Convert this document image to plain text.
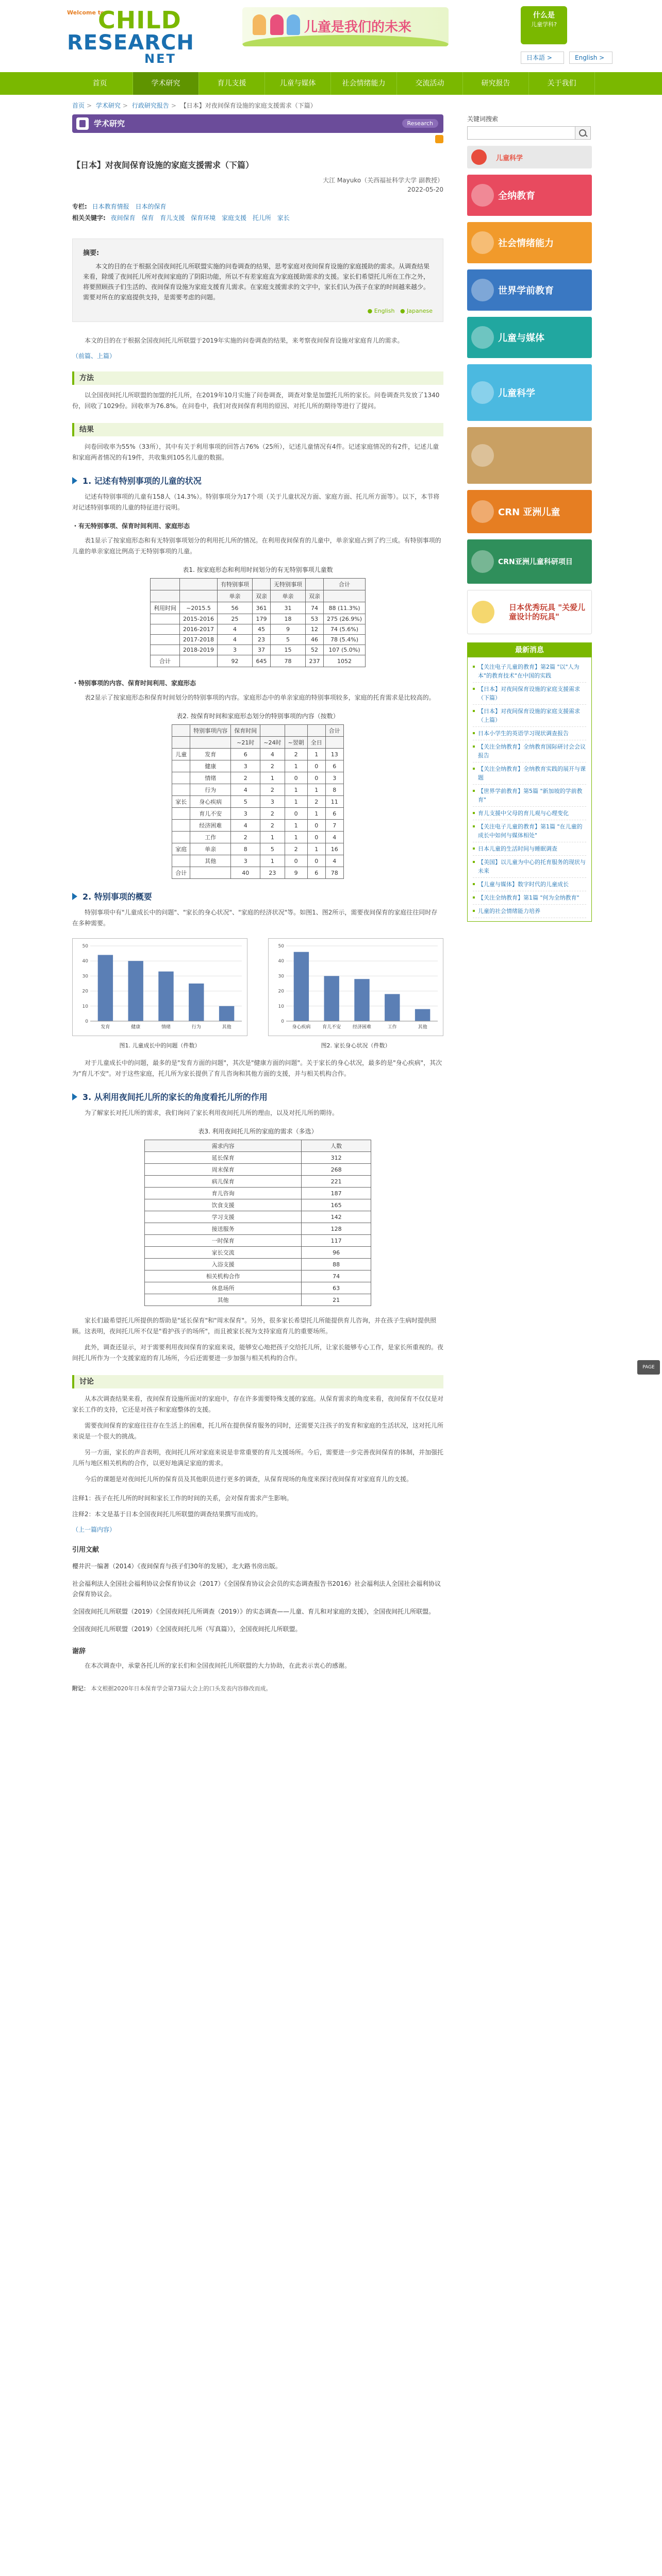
Welcome to
CHILD
RESEARCH
NET
儿童是我们的未来
什么是
儿童学科?
日本語 >	English >
首页	学术研究	育儿支援	儿童与媒体	社会情绪能力	交流活动	研究报告	关于我们
首页 > 学术研究 > 行政研究报告 > 【日本】对夜间保育设施的家庭支援需求（下篇）
学术研究	Research
【日本】对夜间保育设施的家庭支援需求（下篇）
大江 Mayuko（关西福祉科学大学 副教授）
2022-05-20
专栏: 日本教育情报 日本的保育
相关关键字: 夜间保育 保育 育儿支援 保育环境 家庭支援 托儿所 家长
摘要:

本文的目的在于根据全国夜间托儿所联盟实施的问卷调查的结果，思考家庭对夜间保育设施的家庭援助的需求。从调查结果来看，除缓了夜间托儿所对夜间家庭的了阴阳功能，所以不有差家庭直为家庭援助需求的支援。家长们希望托儿所在工作之外，将要照顾孩子们生活的、夜间保育设施为家庭支援育儿需求。在家庭支援需求的文字中，家长们认为孩子在家的时间越来越少。需要对所在的家庭提供支持，是需要考虑的问题。

● English ● Japanese

本文的目的在于根据全国夜间托儿所联盟于2019年实施的问卷调查的结果，来考察夜间保育设施对家庭育儿的需求。

（前篇、上篇）
方法

以全国夜间托儿所联盟的加盟的托儿所，在2019年10月实施了问卷调查，调查对象是加盟托儿所的家长。问卷调查共发放了1340份，回收了1029份。回收率为76.8%。在问卷中，我们对夜间保育利用的原因、对托儿所的期待等进行了提问。

结果

问卷回收率为55%（33所），其中有关于利用事项的回答占76%（25所），记述儿童情况有4件。记述家庭情况的有2件，记述儿童和家庭两者情况的有19件，共收集到105名儿童的数据。

1. 记述有特别事项的儿童的状况

记述有特别事项的儿童有158人（14.3%）。特别事项分为17个项（关于儿童状况方面、家庭方面、托儿所方面等）。以下，本节将对记述特别事项的儿童的特征进行说明。

・有无特别事项、保育时间利用、家庭形态

表1显示了按家庭形态和有无特别事项划分的利用托儿所的情况。在利用夜间保育的儿童中，单亲家庭占到了约三成。有特别事项的儿童的单亲家庭比例高于无特别事项的儿童。

表1. 按家庭形态和利用时间划分的有无特别事项儿童数
		有特别事项		无特别事项		合计
		单亲	双亲	单亲	双亲	
利用时间	~2015.5	56	361	31	74	88 (11.3%)
	2015-2016	25	179	18	53	275 (26.9%)
	2016-2017	4	45	9	12	74 (5.6%)
	2017-2018	4	23	5	46	78 (5.4%)
	2018-2019	3	37	15	52	107 (5.0%)
合计		92	645	78	237	1052
・特别事项的内容、保育时间利用、家庭形态

表2显示了按家庭形态和保育时间划分的特别事项的内容。家庭形态中的单亲家庭的特别事项较多，家庭的托育需求是比较高的。

表2. 按保育时间和家庭形态划分的特别事项的内容（按数）
	特别事项内容	保育时间				合计
		~21时	~24时	~翌朝	全日	
儿童	发育	6	4	2	1	13
	健康	3	2	1	0	6
	情绪	2	1	0	0	3
	行为	4	2	1	1	8
家长	身心疾病	5	3	1	2	11
	育儿不安	3	2	0	1	6
	经济困难	4	2	1	0	7
	工作	2	1	1	0	4
家庭	单亲	8	5	2	1	16
	其他	3	1	0	0	4
合计		40	23	9	6	78
2. 特别事项的概要

特别事项中有"儿童成长中的问题"、"家长的身心状况"、"家庭的经济状况"等。如图1、图2所示，需要夜间保育的家庭往往同时存在多种需要。

0
10
20
30
40
50
发育	健康	情绪	行为	其他
图1. 儿童成长中的问题（件数）
0
10
20
30
40
50
身心疾病	育儿不安	经济困难	工作	其他
图2. 家长身心状况（件数）

对于儿童成长中的问题，最多的是"发育方面的问题"，其次是"健康方面的问题"。关于家长的身心状况，最多的是"身心疾病"，其次为"育儿不安"。对于这些家庭，托儿所为家长提供了育儿咨询和其他方面的支援，并与相关机构合作。

3. 从利用夜间托儿所的家长的角度看托儿所的作用

为了解家长对托儿所的需求，我们询问了家长利用夜间托儿所的理由，以及对托儿所的期待。

表3. 利用夜间托儿所的家庭的需求（多选）
需求内容	人数
延长保育	312
周末保育	268
病儿保育	221
育儿咨询	187
饮食支援	165
学习支援	142
接送服务	128
一时保育	117
家长交流	96
入浴支援	88
相关机构合作	74
休息场所	63
其他	21

家长们最希望托儿所提供的帮助是"延长保育"和"周末保育"。另外，很多家长希望托儿所能提供育儿咨询，并在孩子生病时提供照顾。这表明，夜间托儿所不仅是"看护孩子的场所"，而且被家长视为支持家庭育儿的重要场所。

此外，调查还显示，对于需要利用夜间保育的家庭来说，能够安心地把孩子交给托儿所，让家长能够专心工作，是家长所重视的。夜间托儿所作为一个支援家庭的育儿场所，今后还需要进一步加强与相关机构的合作。

讨论

从本次调查结果来看，夜间保育设施所面对的家庭中，存在许多需要特殊支援的家庭。从保育需求的角度来看，夜间保育不仅仅是对家长工作的支持，它还是对孩子和家庭整体的支援。

需要夜间保育的家庭往往存在生活上的困难，托儿所在提供保育服务的同时，还需要关注孩子的发育和家庭的生活状况，这对托儿所来说是一个很大的挑战。

另一方面，家长的声音表明，夜间托儿所对家庭来说是非常重要的育儿支援场所。今后，需要进一步完善夜间保育的体制，并加强托儿所与地区相关机构的合作，以更好地满足家庭的需求。

今后的课题是对夜间托儿所的保育员及其他职员进行更多的调查，从保育现场的角度来探讨夜间保育对家庭育儿的支援。

注释1：孩子在托儿所的时间和家长工作的时间的关系，会对保育需求产生影响。

注释2：本文是基于日本全国夜间托儿所联盟的调查结果撰写而成的。

（上一篇内容）
引用文献

櫻井沢一编著（2014）《夜间保育与孩子们30年的发展》，北大路书房出版。

社会福利法人全国社会福利协议会保育协议会（2017）《全国保育协议会会员的实态调查报告书2016》社会福利法人全国社会福利协议会保育协议会。

全国夜间托儿所联盟（2019）《全国夜间托儿所调查（2019）》的实态调查——儿童、育儿和对家庭的支援》，全国夜间托儿所联盟。

全国夜间托儿所联盟（2019）《全国夜间托儿所（写真篇）》，全国夜间托儿所联盟。

谢辞

在本次调查中，承蒙各托儿所的家长们和全国夜间托儿所联盟的大力协助，在此表示衷心的感谢。

附记： 本文根据2020年日本保育学会第73届大会上的口头发表内容修改而成。
关键词搜索
儿童科学
全纳教育
社会情绪能力
世界学前教育
儿童与媒体
儿童科学
CRN 亚洲儿童
CRN亚洲儿童科研项目
日本优秀玩具 "关爱儿童设计的玩具"
最新消息
【关注电子儿童的教育】第2篇 "以"人为本"的教育技术"在中国的实践
【日本】对夜间保育设施的家庭支援需求（下篇）
【日本】对夜间保育设施的家庭支援需求（上篇）
日本小学生的英语学习现状调查报告
【关注全纳教育】全纳教育国际研讨会会议报告
【关注全纳教育】全纳教育实践的展开与课题
【世界学前教育】第5篇 "新加坡的学前教育"
育儿支援中父母的育儿观与心理变化
【关注电子儿童的教育】第1篇 "在儿童的成长中如何与媒体相处"
日本儿童的生活时间与睡眠调查
【美国】以儿童为中心的托育服务的现状与未来
【儿童与媒体】数字时代的儿童成长
【关注全纳教育】第1篇 "何为全纳教育"
儿童的社会情绪能力培养
PAGE TOP
